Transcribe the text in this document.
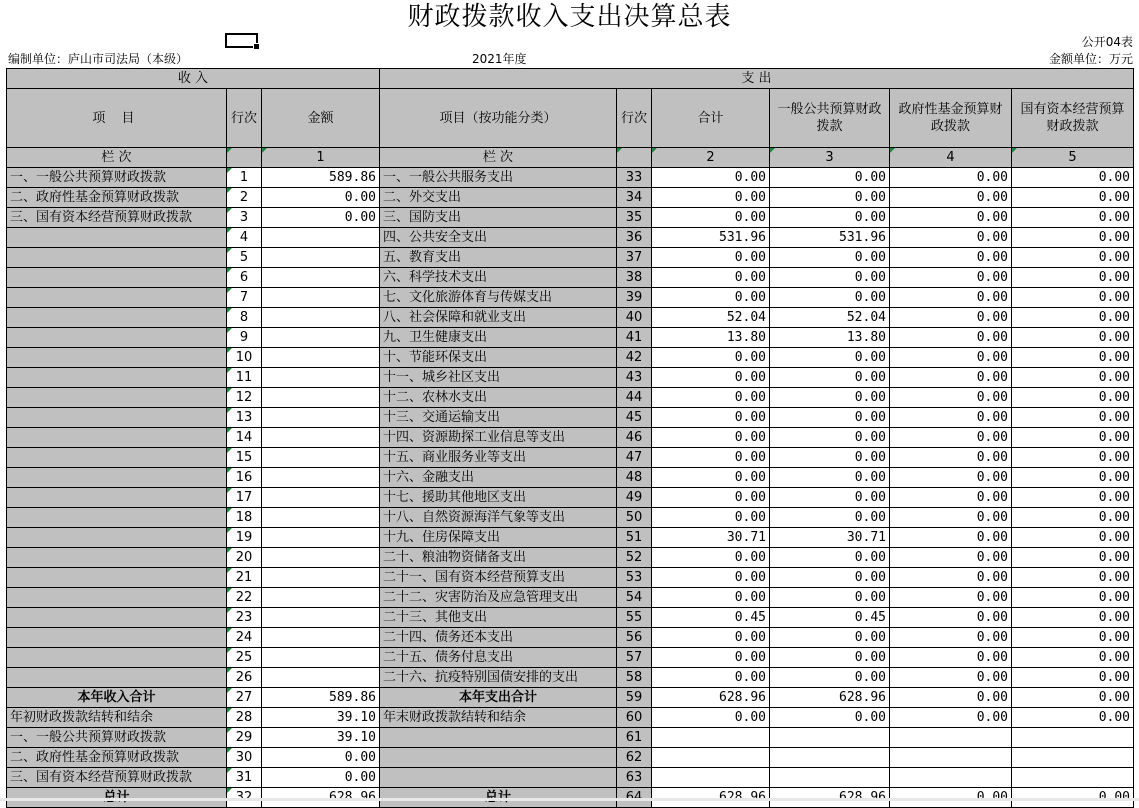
财政拨款收入支出决算总表
公开04表
编制单位：庐山市司法局（本级）	2021年度	金额单位：万元
收 入			支 出					
项 目	行次	金额	项目（按功能分类）	行次	合计	一般公共预算财政拨款	政府性基金预算财政拨款	国有资本经营预算财政拨款
栏 次		1	栏 次		2	3	4	5
一、一般公共预算财政拨款	1	589.86	一、一般公共服务支出	33	0.00	0.00	0.00	0.00
二、政府性基金预算财政拨款	2	0.00	二、外交支出	34	0.00	0.00	0.00	0.00
三、国有资本经营预算财政拨款	3	0.00	三、国防支出	35	0.00	0.00	0.00	0.00
	4		四、公共安全支出	36	531.96	531.96	0.00	0.00
	5		五、教育支出	37	0.00	0.00	0.00	0.00
	6		六、科学技术支出	38	0.00	0.00	0.00	0.00
	7		七、文化旅游体育与传媒支出	39	0.00	0.00	0.00	0.00
	8		八、社会保障和就业支出	40	52.04	52.04	0.00	0.00
	9		九、卫生健康支出	41	13.80	13.80	0.00	0.00
	10		十、节能环保支出	42	0.00	0.00	0.00	0.00
	11		十一、城乡社区支出	43	0.00	0.00	0.00	0.00
	12		十二、农林水支出	44	0.00	0.00	0.00	0.00
	13		十三、交通运输支出	45	0.00	0.00	0.00	0.00
	14		十四、资源勘探工业信息等支出	46	0.00	0.00	0.00	0.00
	15		十五、商业服务业等支出	47	0.00	0.00	0.00	0.00
	16		十六、金融支出	48	0.00	0.00	0.00	0.00
	17		十七、援助其他地区支出	49	0.00	0.00	0.00	0.00
	18		十八、自然资源海洋气象等支出	50	0.00	0.00	0.00	0.00
	19		十九、住房保障支出	51	30.71	30.71	0.00	0.00
	20		二十、粮油物资储备支出	52	0.00	0.00	0.00	0.00
	21		二十一、国有资本经营预算支出	53	0.00	0.00	0.00	0.00
	22		二十二、灾害防治及应急管理支出	54	0.00	0.00	0.00	0.00
	23		二十三、其他支出	55	0.45	0.45	0.00	0.00
	24		二十四、债务还本支出	56	0.00	0.00	0.00	0.00
	25		二十五、债务付息支出	57	0.00	0.00	0.00	0.00
	26		二十六、抗疫特别国债安排的支出	58	0.00	0.00	0.00	0.00
本年收入合计	27	589.86	本年支出合计	59	628.96	628.96	0.00	0.00
年初财政拨款结转和结余	28	39.10	年末财政拨款结转和结余	60	0.00	0.00	0.00	0.00
一、一般公共预算财政拨款	29	39.10		61				
二、政府性基金预算财政拨款	30	0.00		62				
三、国有资本经营预算财政拨款	31	0.00		63				
